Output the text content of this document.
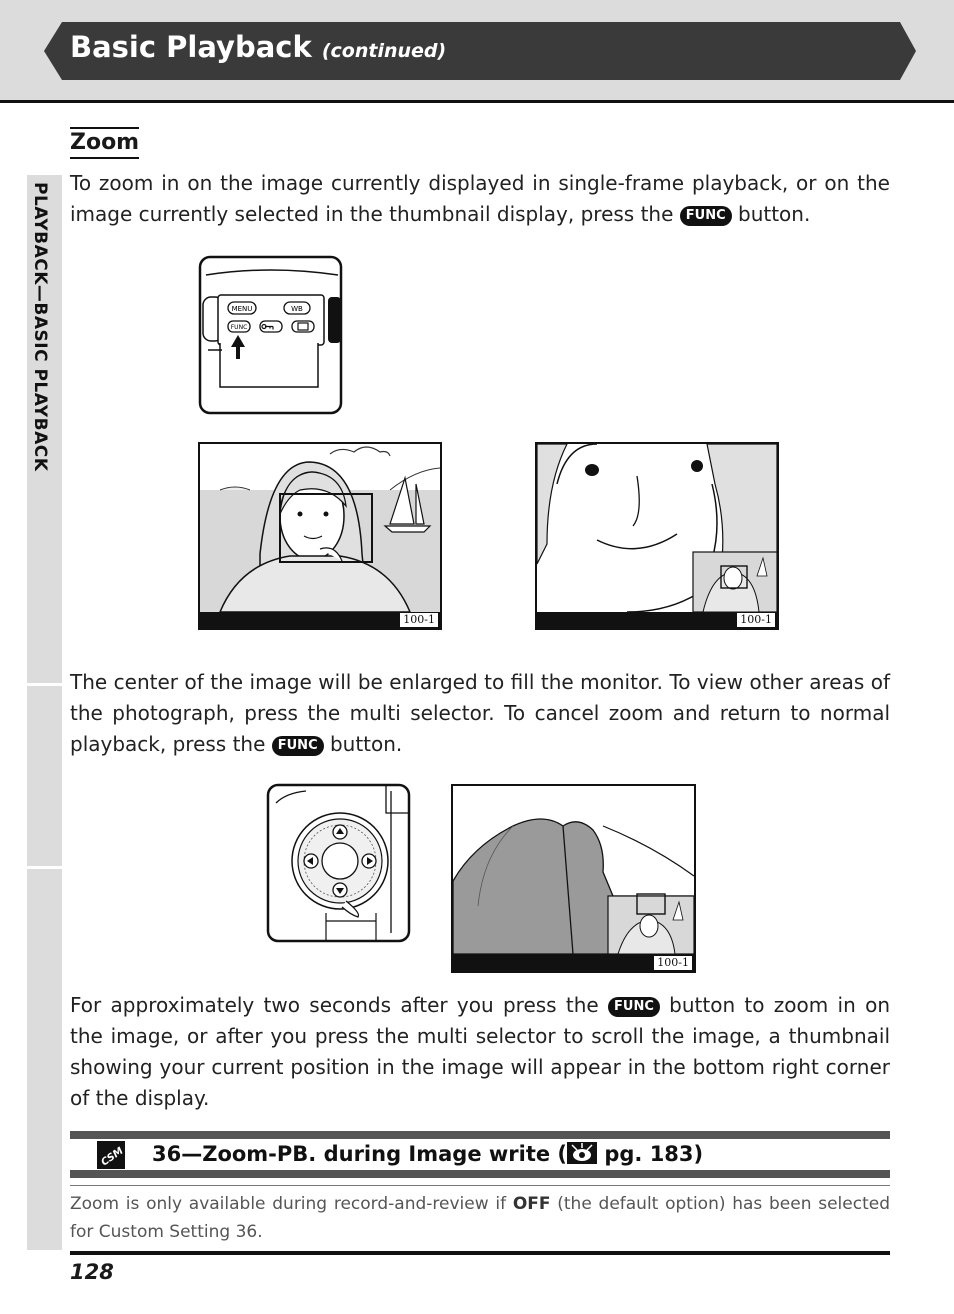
Basic Playback (continued)
PLAYBACK—BASIC PLAYBACK
Zoom
To zoom in on the image currently displayed in single-frame playback, or on the image currently selected in the thumbnail display, press the FUNC button.
MENU	WB
FUNC
100-1	100-1
The center of the image will be enlarged to fill the monitor. To view other areas of the photograph, press the multi selector. To cancel zoom and return to normal playback, press the FUNC button.
100-1
For approximately two seconds after you press the FUNC button to zoom in on the image, or after you press the multi selector to scroll the image, a thumbnail showing your current position in the image will appear in the bottom right corner of the display.
CSM 36—Zoom-PB. during Image write ( pg. 183)
Zoom is only available during record-and-review if OFF (the default option) has been selected for Custom Setting 36.
128
